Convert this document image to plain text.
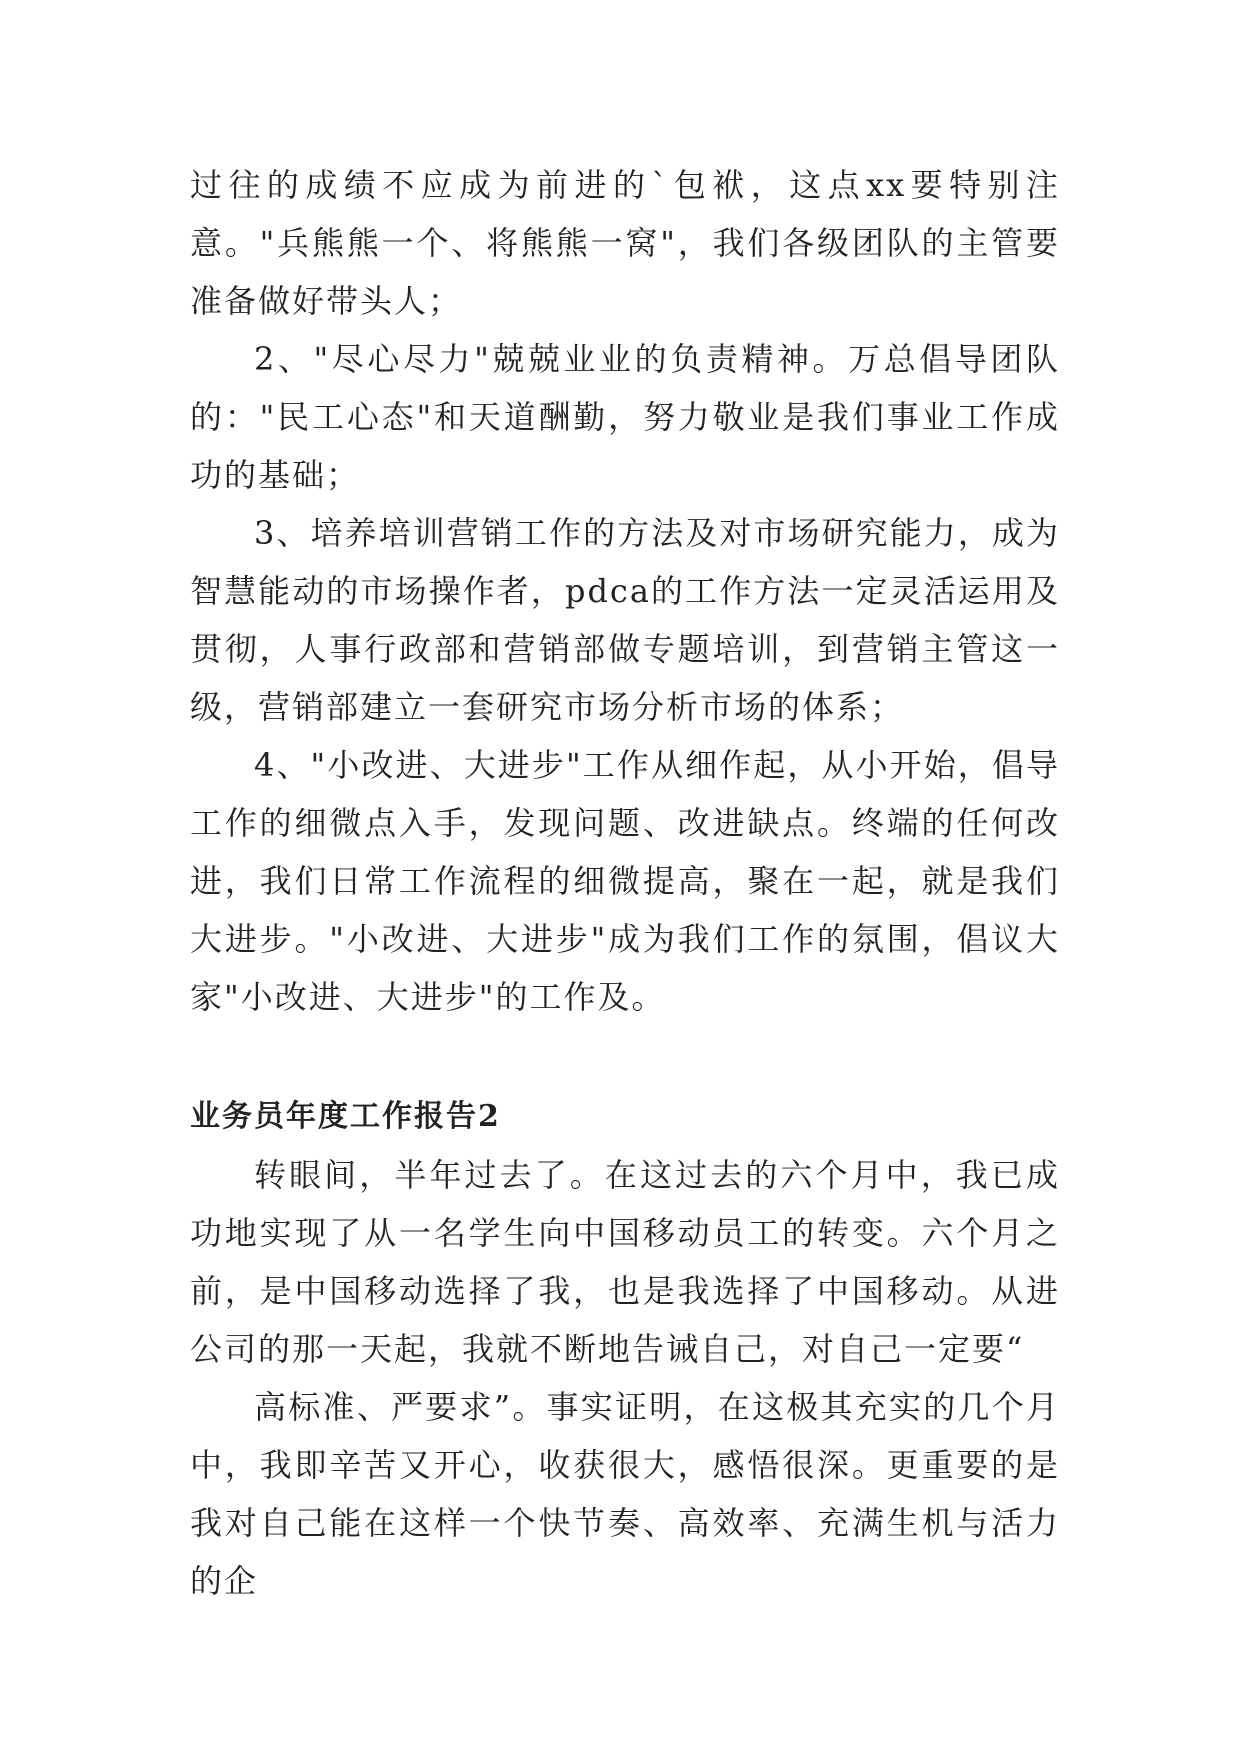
过往的成绩不应成为前进的`包袱，这点xx要特别注意。"兵熊熊一个、将熊熊一窝"，我们各级团队的主管要准备做好带头人；

2、"尽心尽力"兢兢业业的负责精神。万总倡导团队的："民工心态"和天道酬勤，努力敬业是我们事业工作成功的基础；

3、培养培训营销工作的方法及对市场研究能力，成为智慧能动的市场操作者，pdca的工作方法一定灵活运用及贯彻，人事行政部和营销部做专题培训，到营销主管这一级，营销部建立一套研究市场分析市场的体系；

4、"小改进、大进步"工作从细作起，从小开始，倡导工作的细微点入手，发现问题、改进缺点。终端的任何改进，我们日常工作流程的细微提高，聚在一起，就是我们大进步。"小改进、大进步"成为我们工作的氛围，倡议大家"小改进、大进步"的工作及。

业务员年度工作报告2

转眼间，半年过去了。在这过去的六个月中，我已成功地实现了从一名学生向中国移动员工的转变。六个月之前，是中国移动选择了我，也是我选择了中国移动。从进公司的那一天起，我就不断地告诫自己，对自己一定要“

高标准、严要求”。事实证明，在这极其充实的几个月中，我即辛苦又开心，收获很大，感悟很深。更重要的是我对自己能在这样一个快节奏、高效率、充满生机与活力的企
